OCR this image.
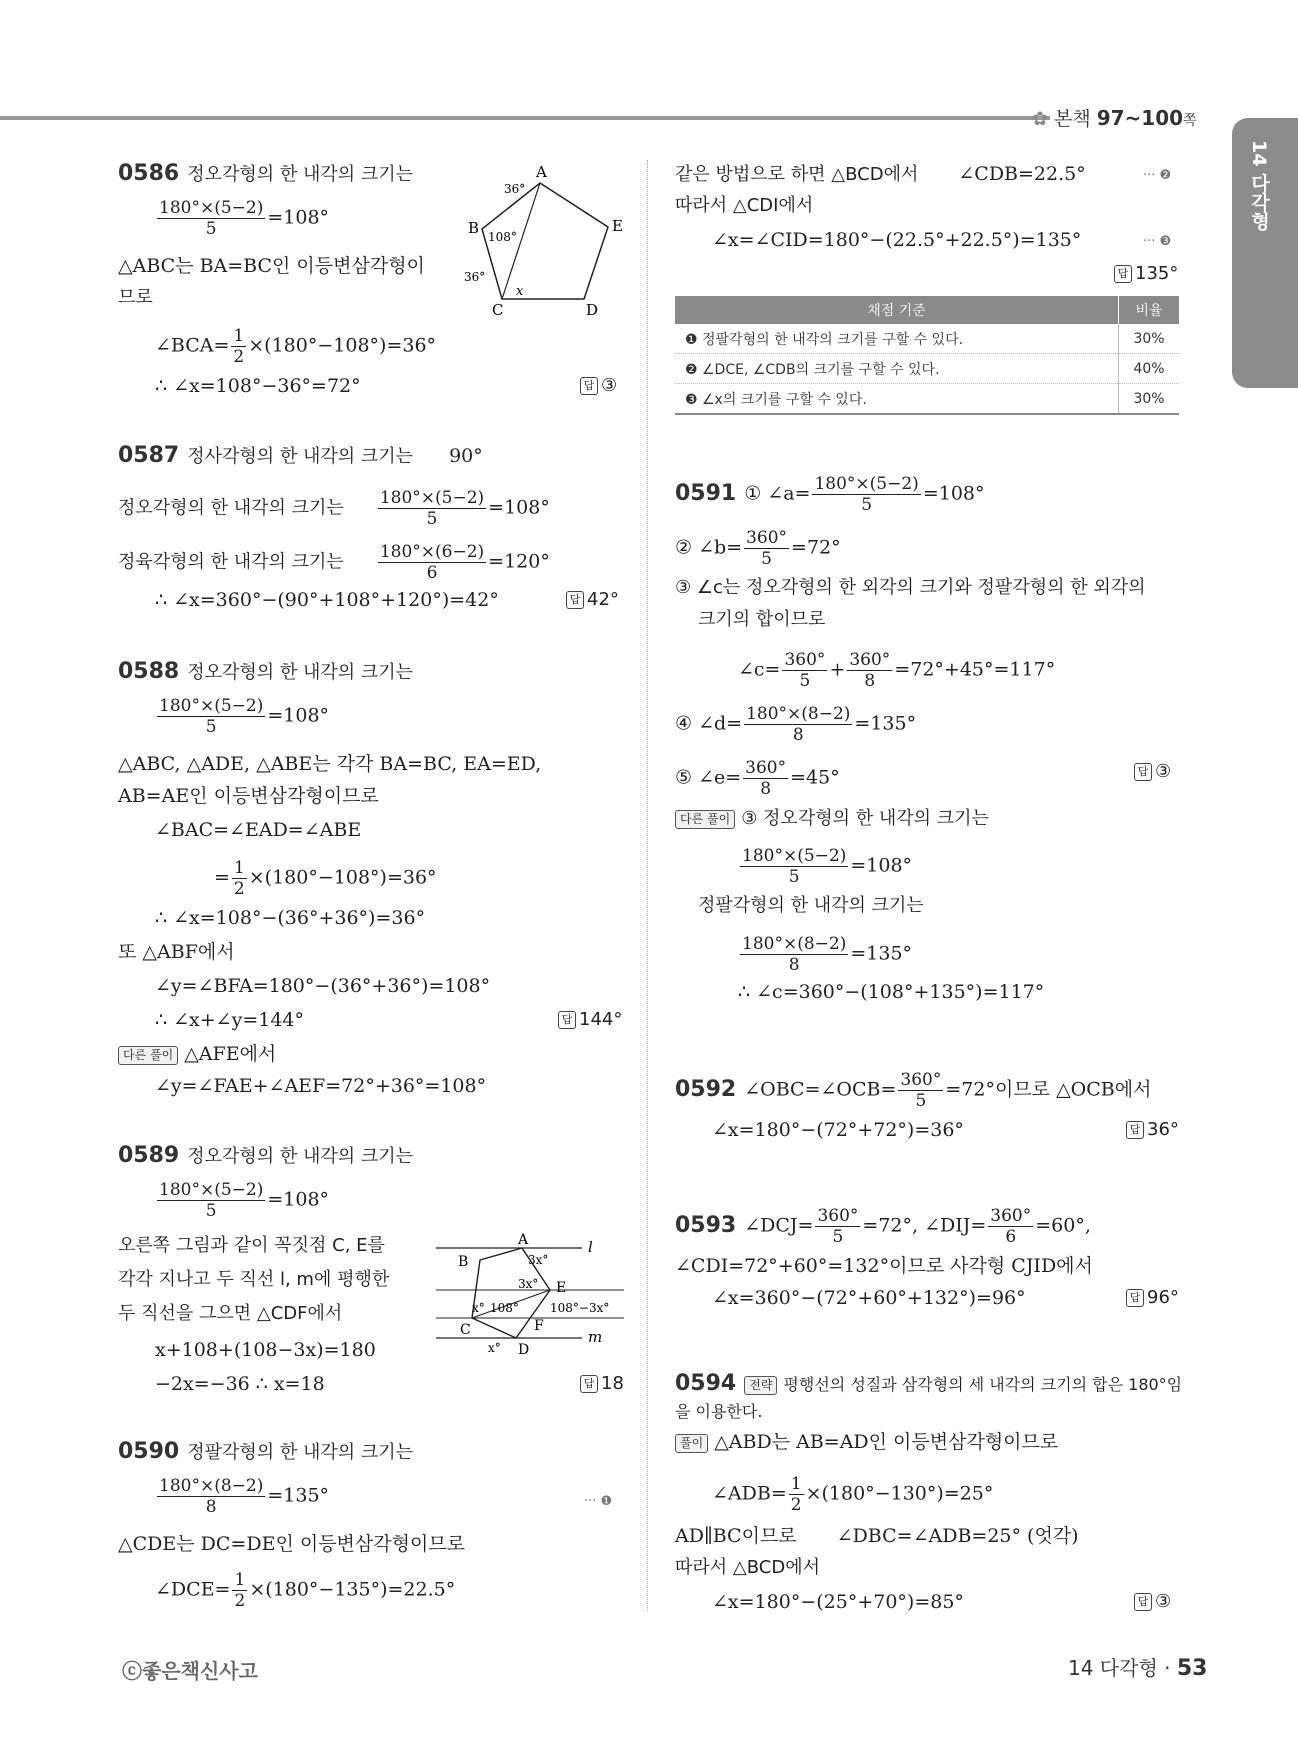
✿ 본책 97~100쪽
14 다각형
0586 정오각형의 한 내각의 크기는
$\frac{180^\circ\times(5-2)}{5} =108^\circ$
△ABC는 BA=BC인 이등변삼각형이
므로
∠BCA= $\frac{1}{2} \times(180^\circ-108^\circ)=36^\circ$
∴ ∠x=108°−36°=72°	답 ③
A
B
C	D
E
36°
108°
36°
x
0587 정사각형의 한 내각의 크기는 90°
정오각형의 한 내각의 크기는 $\frac{180^\circ\times(5-2)}{5} =108^\circ$
정육각형의 한 내각의 크기는 $\frac{180^\circ\times(6-2)}{6} =120^\circ$
∴ ∠x=360°−(90°+108°+120°)=42°	답 42°
0588 정오각형의 한 내각의 크기는
$\frac{180^\circ\times(5-2)}{5} =108^\circ$
△ABC, △ADE, △ABE는 각각 BA=BC, EA=ED,
AB=AE인 이등변삼각형이므로
∠BAC=∠EAD=∠ABE
= $\frac{1}{2} \times(180^\circ-108^\circ)=36^\circ$
∴ ∠x=108°−(36°+36°)=36°
또 △ABF에서
∠y=∠BFA=180°−(36°+36°)=108°
∴ ∠x+∠y=144°	답 144°
다른 풀이 △AFE에서
∠y=∠FAE+∠AEF=72°+36°=108°
0589 정오각형의 한 내각의 크기는
$\frac{180^\circ\times(5-2)}{5} =108^\circ$
오른쪽 그림과 같이 꼭짓점 C, E를
각각 지나고 두 직선 l, m에 평행한
두 직선을 그으면 △CDF에서
x+108+(108−3x)=180
−2x=−36 ∴ x=18	답 18
A
B
C
D
E
F
l
m
3x°
3x°
x° 108°	108°−3x°
x°
0590 정팔각형의 한 내각의 크기는
$\frac{180^\circ\times(8-2)}{8} =135^\circ$	··· ❶
△CDE는 DC=DE인 이등변삼각형이므로
∠DCE= $\frac{1}{2} \times(180^\circ-135^\circ)=22.5^\circ$
같은 방법으로 하면 △BCD에서 ∠CDB=22.5°	··· ❷
따라서 △CDI에서
∠x=∠CID=180°−(22.5°+22.5°)=135°	··· ❸
답 135°
채점 기준	비율
❶ 정팔각형의 한 내각의 크기를 구할 수 있다.	30%
❷ ∠DCE, ∠CDB의 크기를 구할 수 있다.	40%
❸ ∠x의 크기를 구할 수 있다.	30%
0591 ① ∠a= $\frac{180^\circ\times(5-2)}{5} =108^\circ$
② ∠b= $\frac{360^\circ}{5} =72^\circ$
③ ∠c는 정오각형의 한 외각의 크기와 정팔각형의 한 외각의
크기의 합이므로
∠c= $\frac{360^\circ}{5} + \frac{360^\circ}{8} =72^\circ+45^\circ=117^\circ$
④ ∠d= $\frac{180^\circ\times(8-2)}{8} =135^\circ$
⑤ ∠e= $\frac{360^\circ}{8} =45^\circ$	답 ③
다른 풀이 ③ 정오각형의 한 내각의 크기는
$\frac{180^\circ\times(5-2)}{5} =108^\circ$
정팔각형의 한 내각의 크기는
$\frac{180^\circ\times(8-2)}{8} =135^\circ$
∴ ∠c=360°−(108°+135°)=117°
0592 ∠OBC=∠OCB= $\frac{360^\circ}{5} =72^\circ$이므로 △OCB에서
∠x=180°−(72°+72°)=36°	답 36°
0593 ∠DCJ= $\frac{360^\circ}{5} =72^\circ$, ∠DIJ= $\frac{360^\circ}{6} =60^\circ$,
∠CDI=72°+60°=132°이므로 사각형 CJID에서
∠x=360°−(72°+60°+132°)=96°	답 96°
0594 전략 평행선의 성질과 삼각형의 세 내각의 크기의 합은 180°임
을 이용한다.
풀이 △ABD는 AB=AD인 이등변삼각형이므로
∠ADB= $\frac{1}{2} \times(180^\circ-130^\circ)=25^\circ$
AD∥BC이므로 ∠DBC=∠ADB=25° (엇각)
따라서 △BCD에서
∠x=180°−(25°+70°)=85°	답 ③
ⓒ좋은책신사고	14 다각형 · 53
